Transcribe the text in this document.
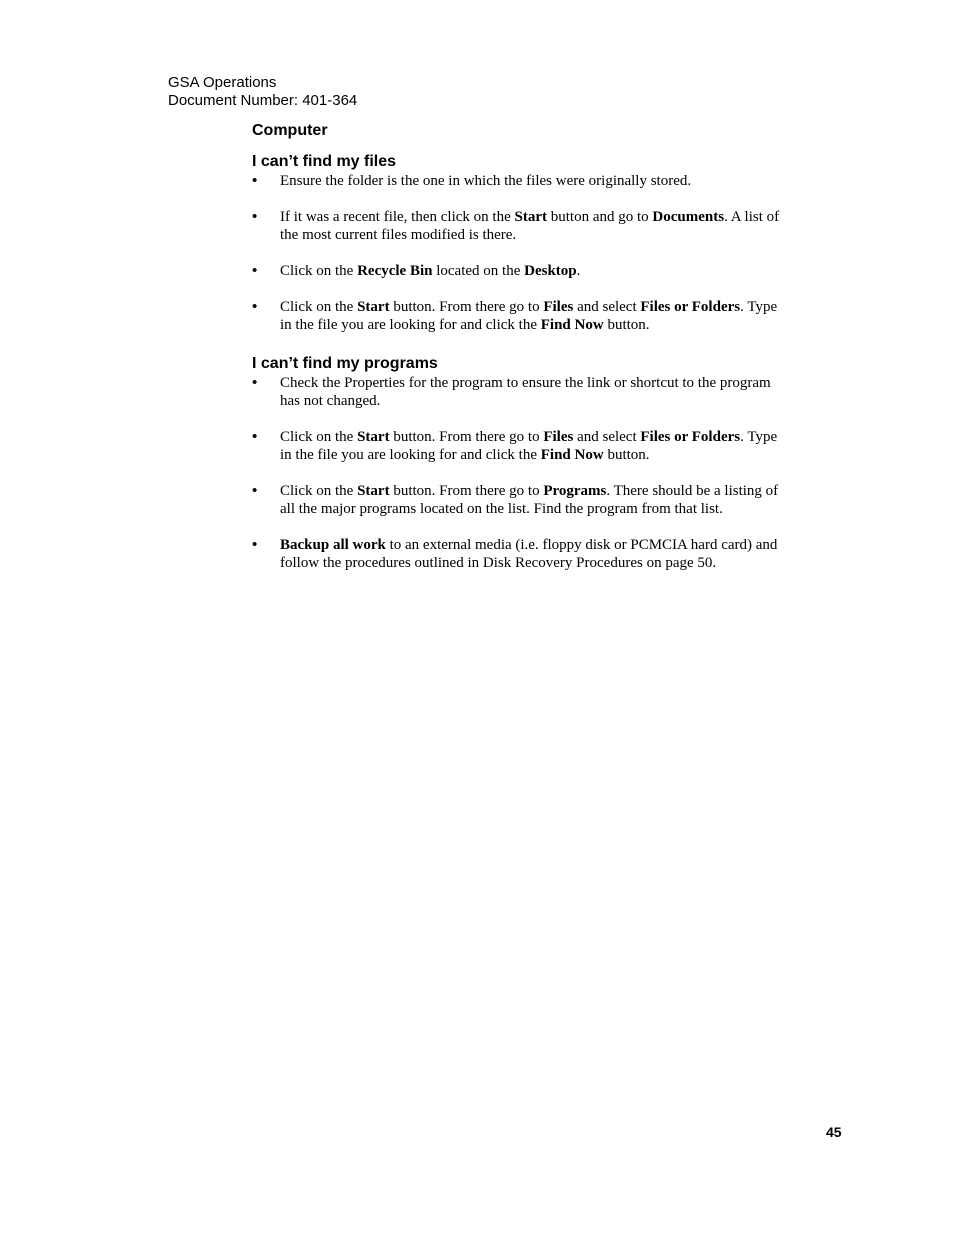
GSA Operations
Document Number: 401-364
Computer
I can’t find my files
•	Ensure the folder is the one in which the files were originally stored.
•	If it was a recent file, then click on the Start button and go to Documents. A list of the most current files modified is there.
•	Click on the Recycle Bin located on the Desktop.
•	Click on the Start button. From there go to Files and select Files or Folders. Type in the file you are looking for and click the Find Now button.
I can’t find my programs
•	Check the Properties for the program to ensure the link or shortcut to the program has not changed.
•	Click on the Start button. From there go to Files and select Files or Folders. Type in the file you are looking for and click the Find Now button.
•	Click on the Start button. From there go to Programs. There should be a listing of all the major programs located on the list. Find the program from that list.
•	Backup all work to an external media (i.e. floppy disk or PCMCIA hard card) and follow the procedures outlined in Disk Recovery Procedures on page 50.
45
